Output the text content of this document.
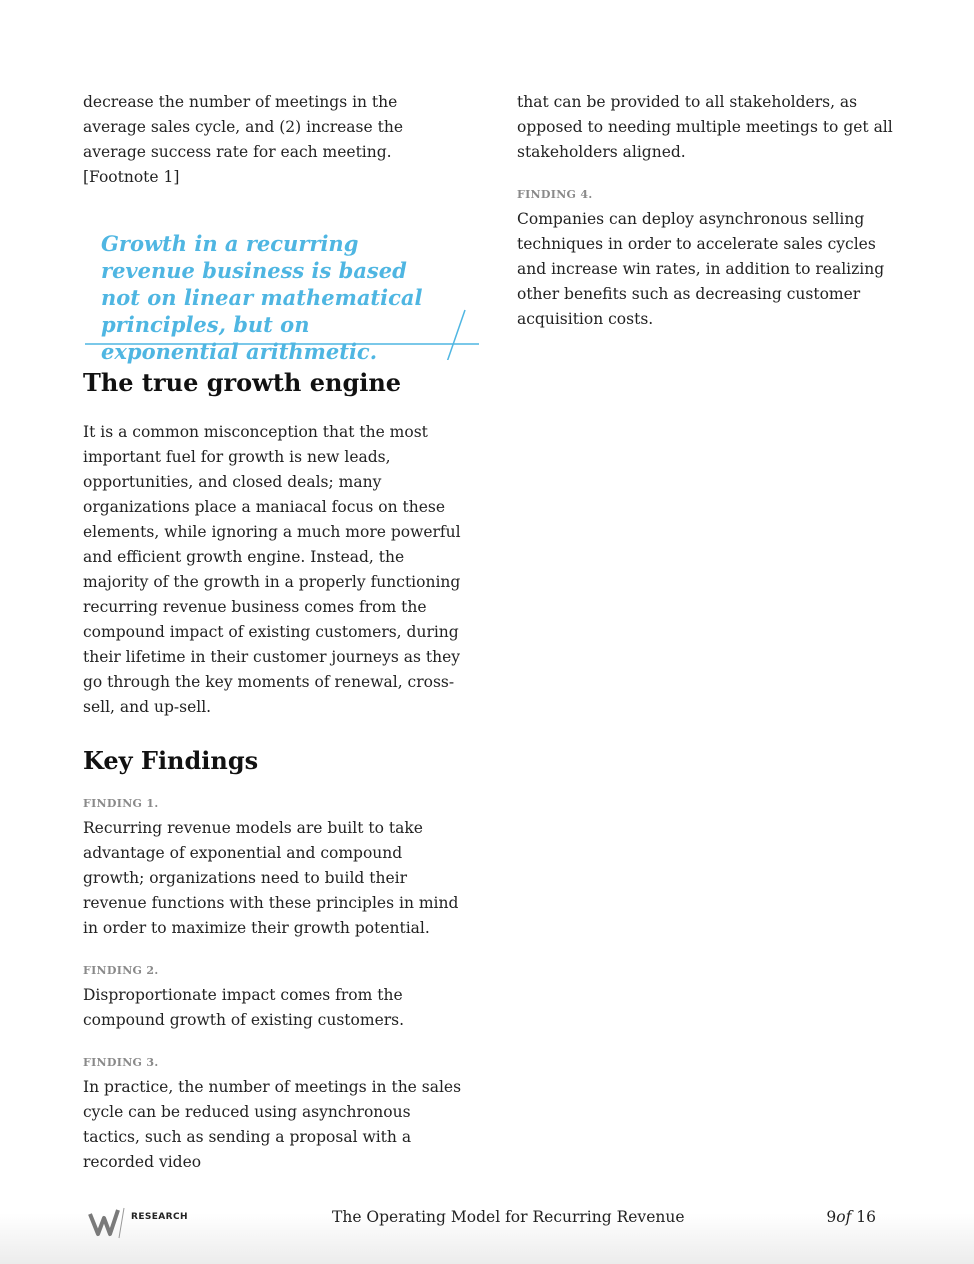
decrease the number of meetings in the average sales cycle, and (2) increase the average success rate for each meeting. [Footnote 1]

Growth in a recurring revenue business is based not on linear mathematical principles, but on exponential arithmetic.

The true growth engine

It is a common misconception that the most important fuel for growth is new leads, opportunities, and closed deals; many organizations place a maniacal focus on these elements, while ignoring a much more powerful and efficient growth engine. Instead, the majority of the growth in a properly functioning recurring revenue business comes from the compound impact of existing customers, during their lifetime in their customer journeys as they go through the key moments of renewal, cross-sell, and up-sell.

Key Findings
FINDING 1.

Recurring revenue models are built to take advantage of exponential and compound growth; organizations need to build their revenue functions with these principles in mind in order to maximize their growth potential.

FINDING 2.

Disproportionate impact comes from the compound growth of existing customers.

FINDING 3.

In practice, the number of meetings in the sales cycle can be reduced using asynchronous tactics, such as sending a proposal with a recorded video

that can be provided to all stakeholders, as opposed to needing multiple meetings to get all stakeholders aligned.

FINDING 4.

Companies can deploy asynchronous selling techniques in order to accelerate sales cycles and increase win rates, in addition to realizing other benefits such as decreasing customer acquisition costs.

RESEARCH	The Operating Model for Recurring Revenue	9of 16
